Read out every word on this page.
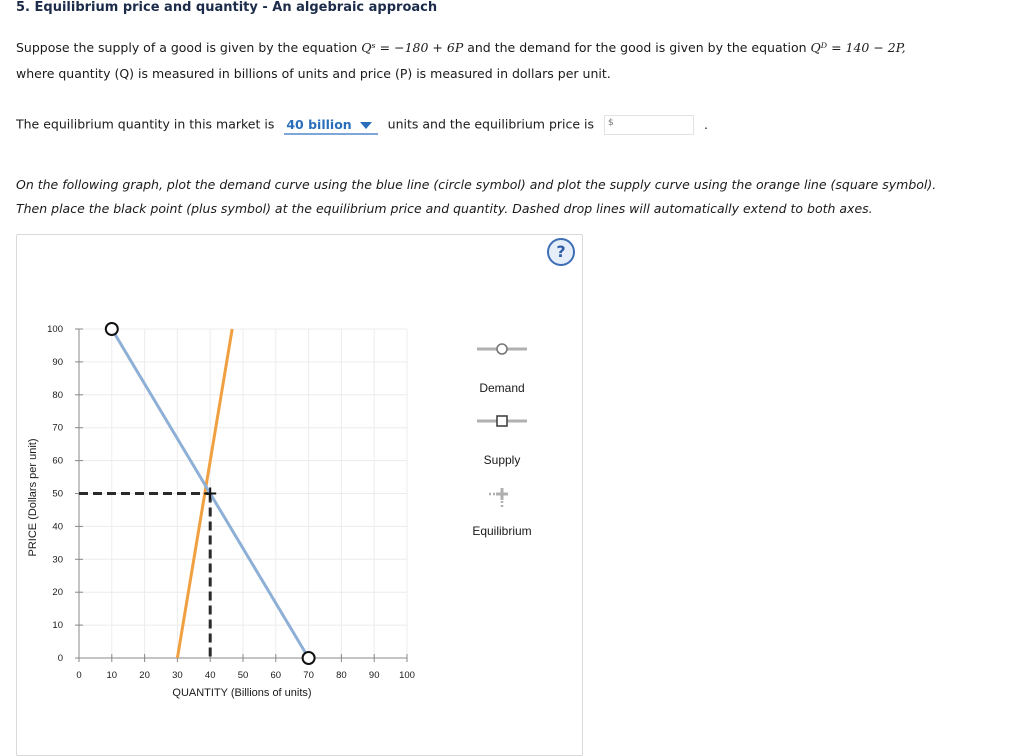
5. Equilibrium price and quantity - An algebraic approach
Suppose the supply of a good is given by the equation Qˢ = −180 + 6P and the demand for the good is given by the equation Qᴰ = 140 − 2P,
where quantity (Q) is measured in billions of units and price (P) is measured in dollars per unit.
The equilibrium quantity in this market is 40 billion	units and the equilibrium price is $	.
On the following graph, plot the demand curve using the blue line (circle symbol) and plot the supply curve using the orange line (square symbol).
Then place the black point (plus symbol) at the equilibrium price and quantity. Dashed drop lines will automatically extend to both axes.
?
0	10 20 30 40 50 60 70 80 90 100
0
10
20
30
40
50
60
70
80
90
100
Demand
Supply
Equilibrium
QUANTITY (Billions of units)
PRICE (Dollars per unit)
